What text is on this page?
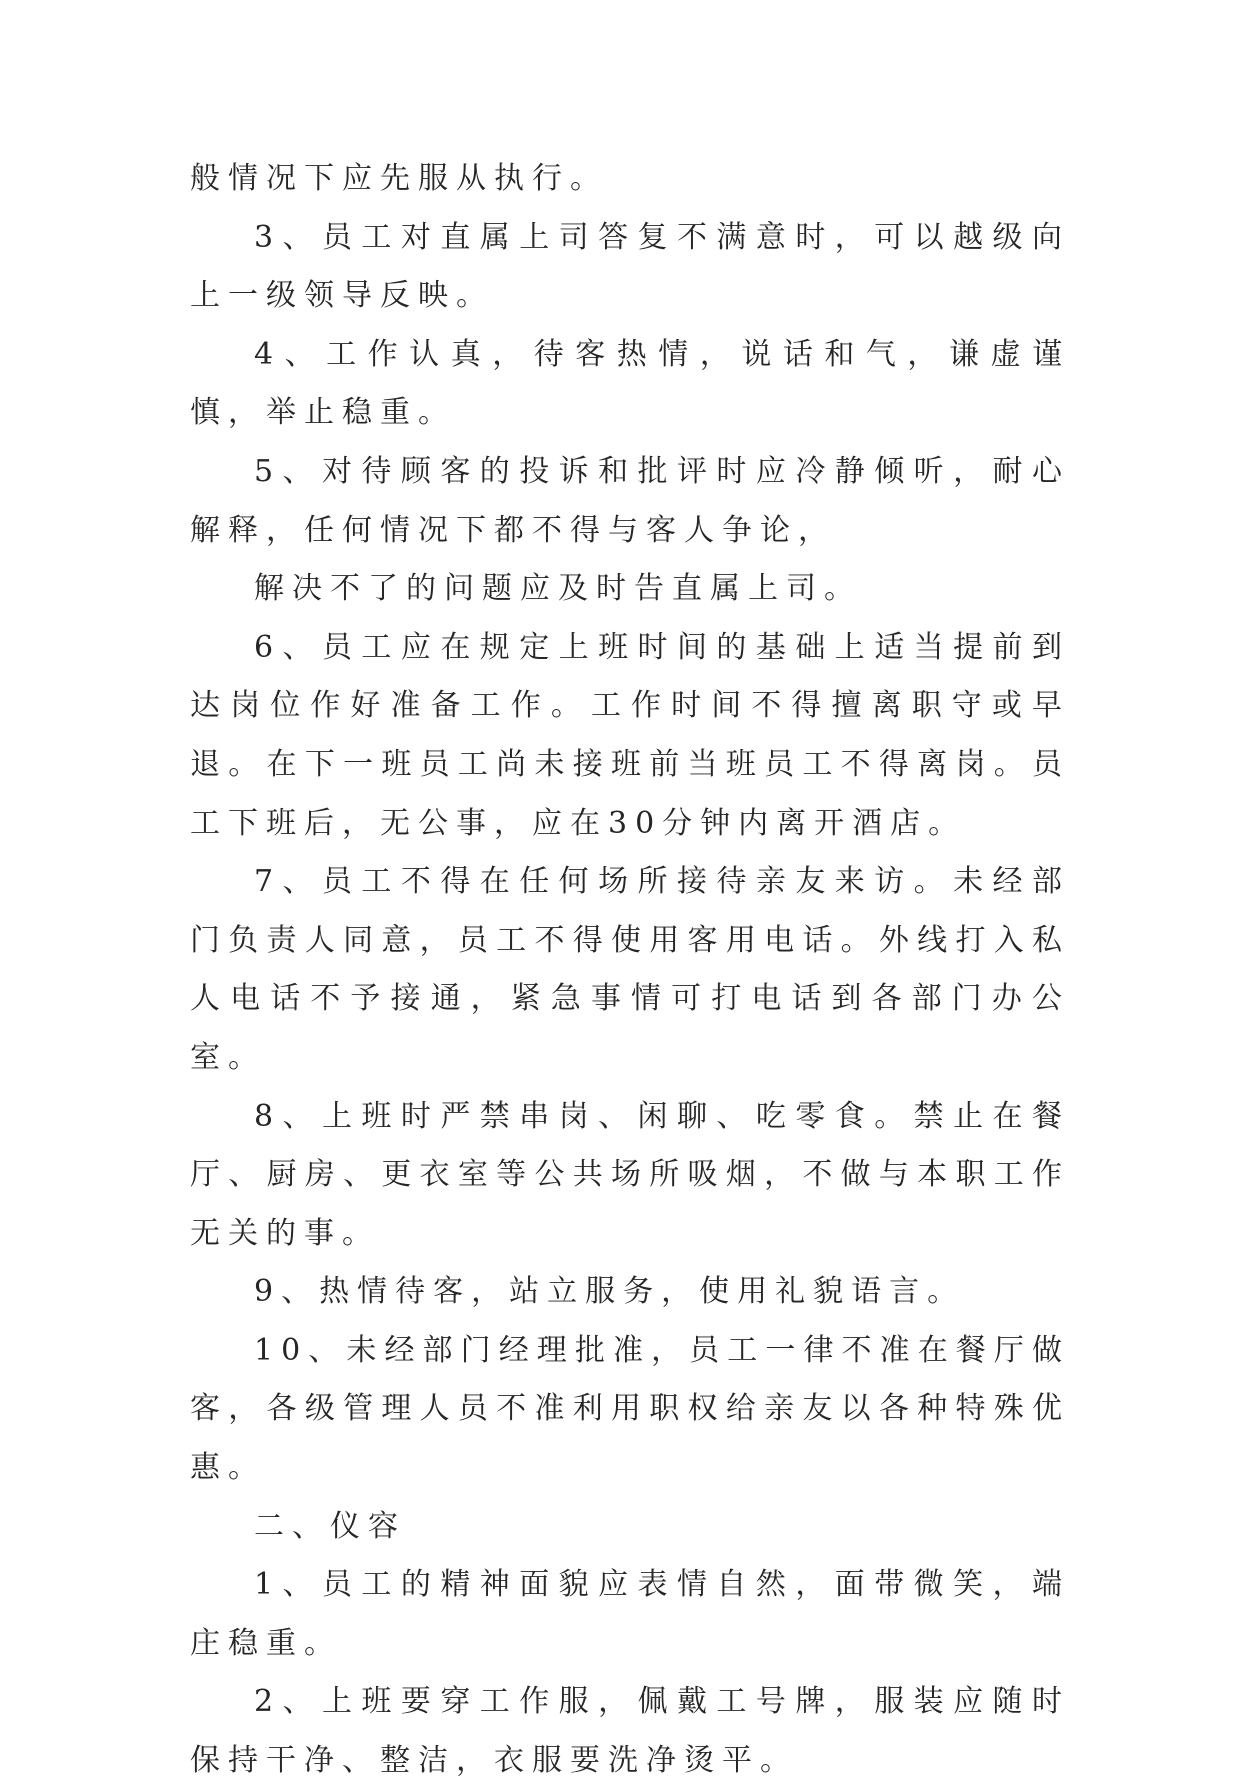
般情况下应先服从执行。

3、员工对直属上司答复不满意时，可以越级向上一级领导反映。

4、工作认真，待客热情，说话和气，谦虚谨慎，举止稳重。

5、对待顾客的投诉和批评时应冷静倾听，耐心解释，任何情况下都不得与客人争论，

解决不了的问题应及时告直属上司。

6、员工应在规定上班时间的基础上适当提前到达岗位作好准备工作。工作时间不得擅离职守或早退。在下一班员工尚未接班前当班员工不得离岗。员工下班后，无公事，应在30分钟内离开酒店。

7、员工不得在任何场所接待亲友来访。未经部门负责人同意，员工不得使用客用电话。外线打入私人电话不予接通，紧急事情可打电话到各部门办公室。

8、上班时严禁串岗、闲聊、吃零食。禁止在餐厅、厨房、更衣室等公共场所吸烟，不做与本职工作无关的事。

9、热情待客，站立服务，使用礼貌语言。

10、未经部门经理批准，员工一律不准在餐厅做客，各级管理人员不准利用职权给亲友以各种特殊优惠。

二、仪容

1、员工的精神面貌应表情自然，面带微笑，端庄稳重。

2、上班要穿工作服，佩戴工号牌，服装应随时保持干净、整洁，衣服要洗净烫平。
